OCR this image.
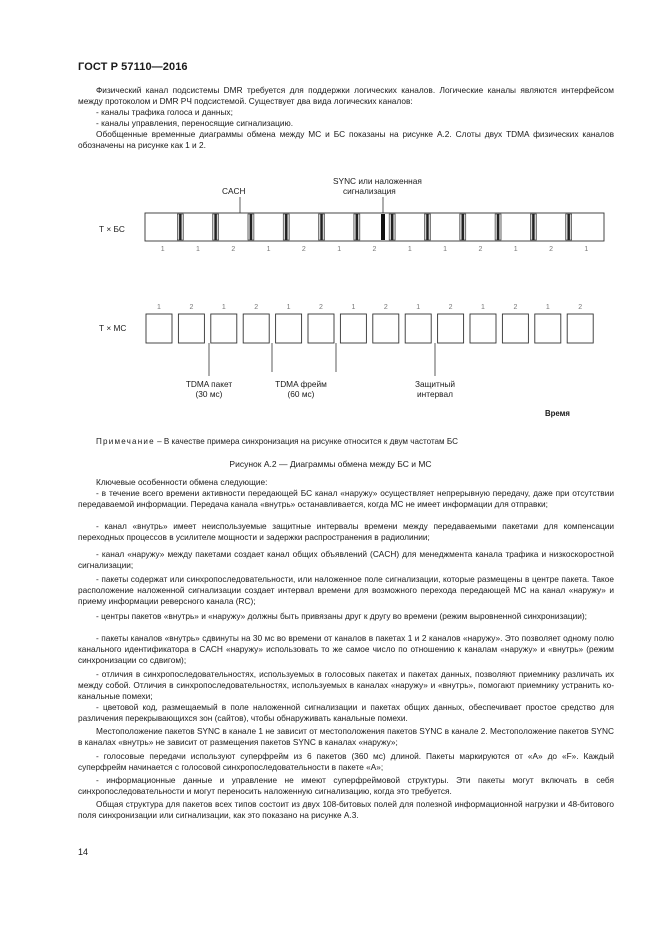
ГОСТ Р 57110—2016

Физический канал подсистемы DMR требуется для поддержки логических каналов. Логические каналы являются интерфейсом между протоколом и DMR РЧ подсистемой. Существует два вида логических каналов:

- каналы трафика голоса и данных;

- каналы управления, переносящие сигнализацию.

Обобщенные временные диаграммы обмена между МС и БС показаны на рисунке А.2. Слоты двух TDMA физических каналов обозначены на рисунке как 1 и 2.

CACH
SYNC или наложенная
сигнализация
Т × БС
Т × МС
TDMA пакет
(30 мс)
TDMA фрейм
(60 мс)
Защитный
интервал
Время
1	1	2	1	2	1	2	1	1	2	1	2	1
1	2	1	2	1	2	1	2	1	2	1	2	1	2
Примечание – В качестве примера синхронизация на рисунке относится к двум частотам БС
Рисунок А.2 — Диаграммы обмена между БС и МС

Ключевые особенности обмена следующие:

- в течение всего времени активности передающей БС канал «наружу» осуществляет непрерывную передачу, даже при отсутствии передаваемой информации. Передача канала «внутрь» останавливается, когда МС не имеет информации для отправки;

- канал «внутрь» имеет неиспользуемые защитные интервалы времени между передаваемыми пакетами для компенсации переходных процессов в усилителе мощности и задержки распространения в радиолинии;

- канал «наружу» между пакетами создает канал общих объявлений (CACH) для менеджмента канала трафика и низкоскоростной сигнализации;

- пакеты содержат или синхропоследовательности, или наложенное поле сигнализации, которые размещены в центре пакета. Такое расположение наложенной сигнализации создает интервал времени для возможного перехода передающей МС на канал «наружу» и приему информации реверсного канала (RC);

- центры пакетов «внутрь» и «наружу» должны быть привязаны друг к другу во времени (режим выровненной синхронизации);

- пакеты каналов «внутрь» сдвинуты на 30 мс во времени от каналов в пакетах 1 и 2 каналов «наружу». Это позволяет одному полю канального идентификатора в CACH «наружу» использовать то же самое число по отношению к каналам «наружу» и «внутрь» (режим синхронизации со сдвигом);

- отличия в синхропоследовательностях, используемых в голосовых пакетах и пакетах данных, позволяют приемнику различать их между собой. Отличия в синхропоследовательностях, используемых в каналах «наружу» и «внутрь», помогают приемнику устранить ко-канальные помехи;

- цветовой код, размещаемый в поле наложенной сигнализации и пакетах общих данных, обеспечивает простое средство для различения перекрывающихся зон (сайтов), чтобы обнаруживать канальные помехи.

Местоположение пакетов SYNC в канале 1 не зависит от местоположения пакетов SYNC в канале 2. Местоположение пакетов SYNC в каналах «внутрь» не зависит от размещения пакетов SYNC в каналах «наружу»;

- голосовые передачи используют суперфрейм из 6 пакетов (360 мс) длиной. Пакеты маркируются от «А» до «F». Каждый суперфрейм начинается с голосовой синхропоследовательности в пакете «А»;

- информационные данные и управление не имеют суперфреймовой структуры. Эти пакеты могут включать в себя синхропоследовательности и могут переносить наложенную сигнализацию, когда это требуется.

Общая структура для пакетов всех типов состоит из двух 108-битовых полей для полезной информационной нагрузки и 48-битового поля синхронизации или сигнализации, как это показано на рисунке А.3.

14
